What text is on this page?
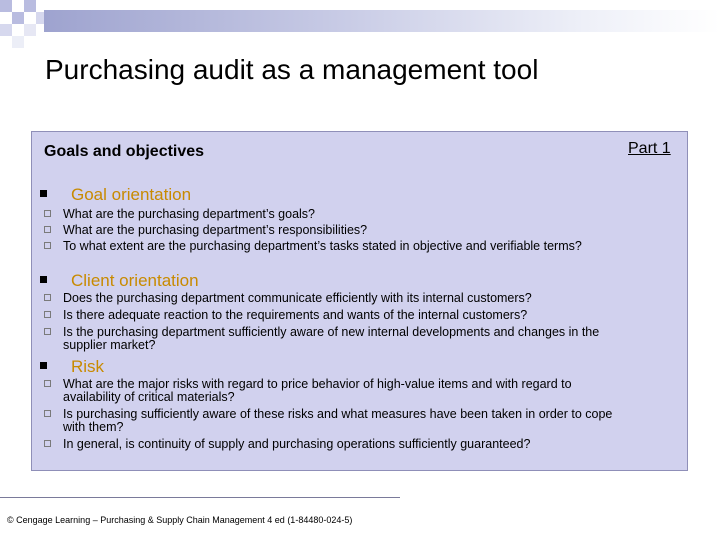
Purchasing audit as a management tool
Goals and objectives	Part 1
Goal orientation
What are the purchasing department’s goals?
What are the purchasing department’s responsibilities?
To what extent are the purchasing department’s tasks stated in objective and verifiable terms?
Client orientation
Does the purchasing department communicate efficiently with its internal customers?
Is there adequate reaction to the requirements and wants of the internal customers?
Is the purchasing department sufficiently aware of new internal developments and changes in the supplier market?
Risk
What are the major risks with regard to price behavior of high-value items and with regard to availability of critical materials?
Is purchasing sufficiently aware of these risks and what measures have been taken in order to cope with them?
In general, is continuity of supply and purchasing operations sufficiently guaranteed?
© Cengage Learning – Purchasing & Supply Chain Management 4 ed (1-84480-024-5)
